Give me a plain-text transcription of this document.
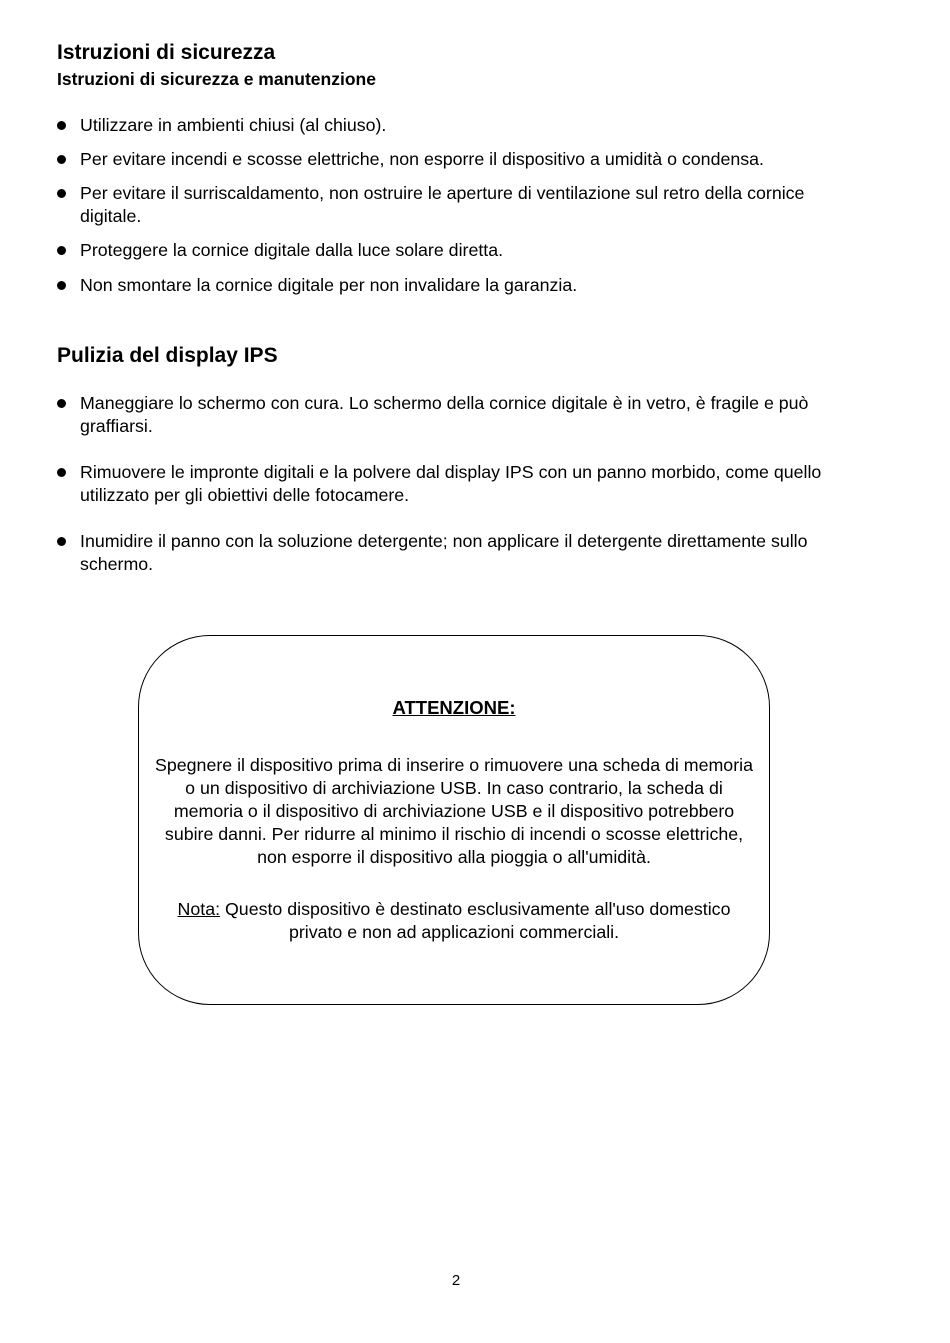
Istruzioni di sicurezza
Istruzioni di sicurezza e manutenzione
Utilizzare in ambienti chiusi (al chiuso).
Per evitare incendi e scosse elettriche, non esporre il dispositivo a umidità o condensa.
Per evitare il surriscaldamento, non ostruire le aperture di ventilazione sul retro della cornice digitale.
Proteggere la cornice digitale dalla luce solare diretta.
Non smontare la cornice digitale per non invalidare la garanzia.
Pulizia del display IPS
Maneggiare lo schermo con cura. Lo schermo della cornice digitale è in vetro, è fragile e può graffiarsi.
Rimuovere le impronte digitali e la polvere dal display IPS con un panno morbido, come quello utilizzato per gli obiettivi delle fotocamere.
Inumidire il panno con la soluzione detergente; non applicare il detergente direttamente sullo schermo.
ATTENZIONE:
Spegnere il dispositivo prima di inserire o rimuovere una scheda di memoria o un dispositivo di archiviazione USB. In caso contrario, la scheda di memoria o il dispositivo di archiviazione USB e il dispositivo potrebbero subire danni. Per ridurre al minimo il rischio di incendi o scosse elettriche, non esporre il dispositivo alla pioggia o all'umidità.
Nota: Questo dispositivo è destinato esclusivamente all'uso domestico privato e non ad applicazioni commerciali.
2
